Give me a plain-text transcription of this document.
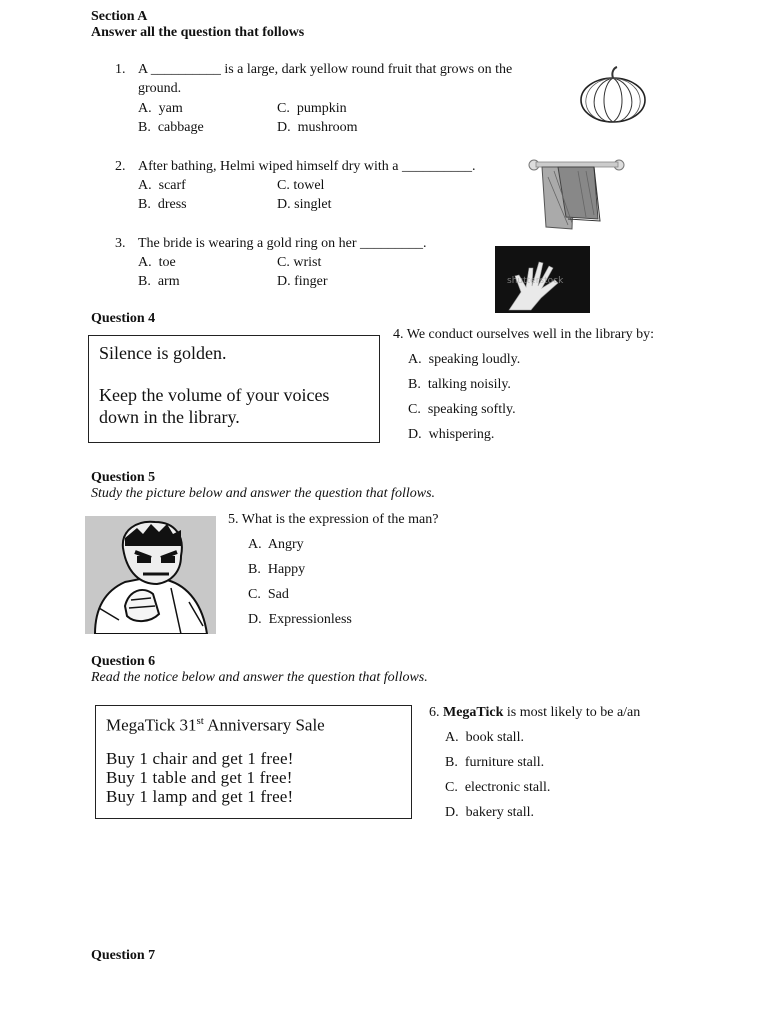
Section A
Answer all the question that follows
1. A __________ is a large, dark yellow round fruit that grows on the
ground.
A. yam
B. cabbage
C. pumpkin
D. mushroom
2. After bathing, Helmi wiped himself dry with a __________.
A. scarf
B. dress
C. towel
D. singlet
3. The bride is wearing a gold ring on her _________.
A. toe
B. arm
C. wrist
D. finger	shutterstock
Question 4
Silence is golden.
Keep the volume of your voices
down in the library.
4. We conduct ourselves well in the library by:
A. speaking loudly.
B. talking noisily.
C. speaking softly.
D. whispering.
Question 5
Study the picture below and answer the question that follows.
5. What is the expression of the man?
A. Angry
B. Happy
C. Sad
D. Expressionless
Question 6
Read the notice below and answer the question that follows.
MegaTick 31st Anniversary Sale
Buy 1 chair and get 1 free!
Buy 1 table and get 1 free!
Buy 1 lamp and get 1 free!
6. MegaTick is most likely to be a/an
A. book stall.
B. furniture stall.
C. electronic stall.
D. bakery stall.
Question 7
